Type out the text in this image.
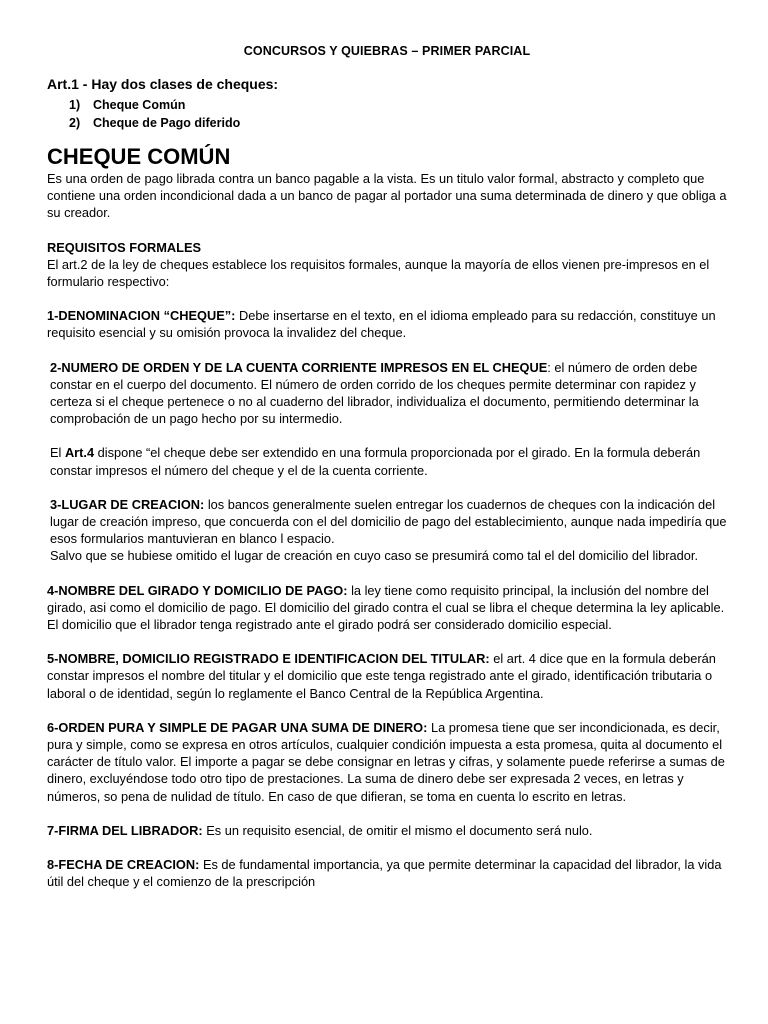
CONCURSOS Y QUIEBRAS – PRIMER PARCIAL
Art.1 - Hay dos clases de cheques:
1) Cheque Común
2) Cheque de Pago diferido
CHEQUE COMÚN

Es una orden de pago librada contra un banco pagable a la vista. Es un titulo valor formal, abstracto y completo que contiene una orden incondicional dada a un banco de pagar al portador una suma determinada de dinero y que obliga a su creador.

REQUISITOS FORMALES

El art.2 de la ley de cheques establece los requisitos formales, aunque la mayoría de ellos vienen pre-impresos en el formulario respectivo:

1-DENOMINACION “CHEQUE”: Debe insertarse en el texto, en el idioma empleado para su redacción, constituye un requisito esencial y su omisión provoca la invalidez del cheque.

2-NUMERO DE ORDEN Y DE LA CUENTA CORRIENTE IMPRESOS EN EL CHEQUE: el número de orden debe constar en el cuerpo del documento. El número de orden corrido de los cheques permite determinar con rapidez y certeza si el cheque pertenece o no al cuaderno del librador, individualiza el documento, permitiendo determinar la comprobación de un pago hecho por su intermedio.

El Art.4 dispone “el cheque debe ser extendido en una formula proporcionada por el girado. En la formula deberán constar impresos el número del cheque y el de la cuenta corriente.

3-LUGAR DE CREACION: los bancos generalmente suelen entregar los cuadernos de cheques con la indicación del lugar de creación impreso, que concuerda con el del domicilio de pago del establecimiento, aunque nada impediría que esos formularios mantuvieran en blanco l espacio.

Salvo que se hubiese omitido el lugar de creación en cuyo caso se presumirá como tal el del domicilio del librador.

4-NOMBRE DEL GIRADO Y DOMICILIO DE PAGO: la ley tiene como requisito principal, la inclusión del nombre del girado, asi como el domicilio de pago. El domicilio del girado contra el cual se libra el cheque determina la ley aplicable. El domicilio que el librador tenga registrado ante el girado podrá ser considerado domicilio especial.

5-NOMBRE, DOMICILIO REGISTRADO E IDENTIFICACION DEL TITULAR: el art. 4 dice que en la formula deberán constar impresos el nombre del titular y el domicilio que este tenga registrado ante el girado, identificación tributaria o laboral o de identidad, según lo reglamente el Banco Central de la República Argentina.

6-ORDEN PURA Y SIMPLE DE PAGAR UNA SUMA DE DINERO: La promesa tiene que ser incondicionada, es decir, pura y simple, como se expresa en otros artículos, cualquier condición impuesta a esta promesa, quita al documento el carácter de título valor. El importe a pagar se debe consignar en letras y cifras, y solamente puede referirse a sumas de dinero, excluyéndose todo otro tipo de prestaciones. La suma de dinero debe ser expresada 2 veces, en letras y números, so pena de nulidad de título. En caso de que difieran, se toma en cuenta lo escrito en letras.

7-FIRMA DEL LIBRADOR: Es un requisito esencial, de omitir el mismo el documento será nulo.

8-FECHA DE CREACION: Es de fundamental importancia, ya que permite determinar la capacidad del librador, la vida útil del cheque y el comienzo de la prescripción
